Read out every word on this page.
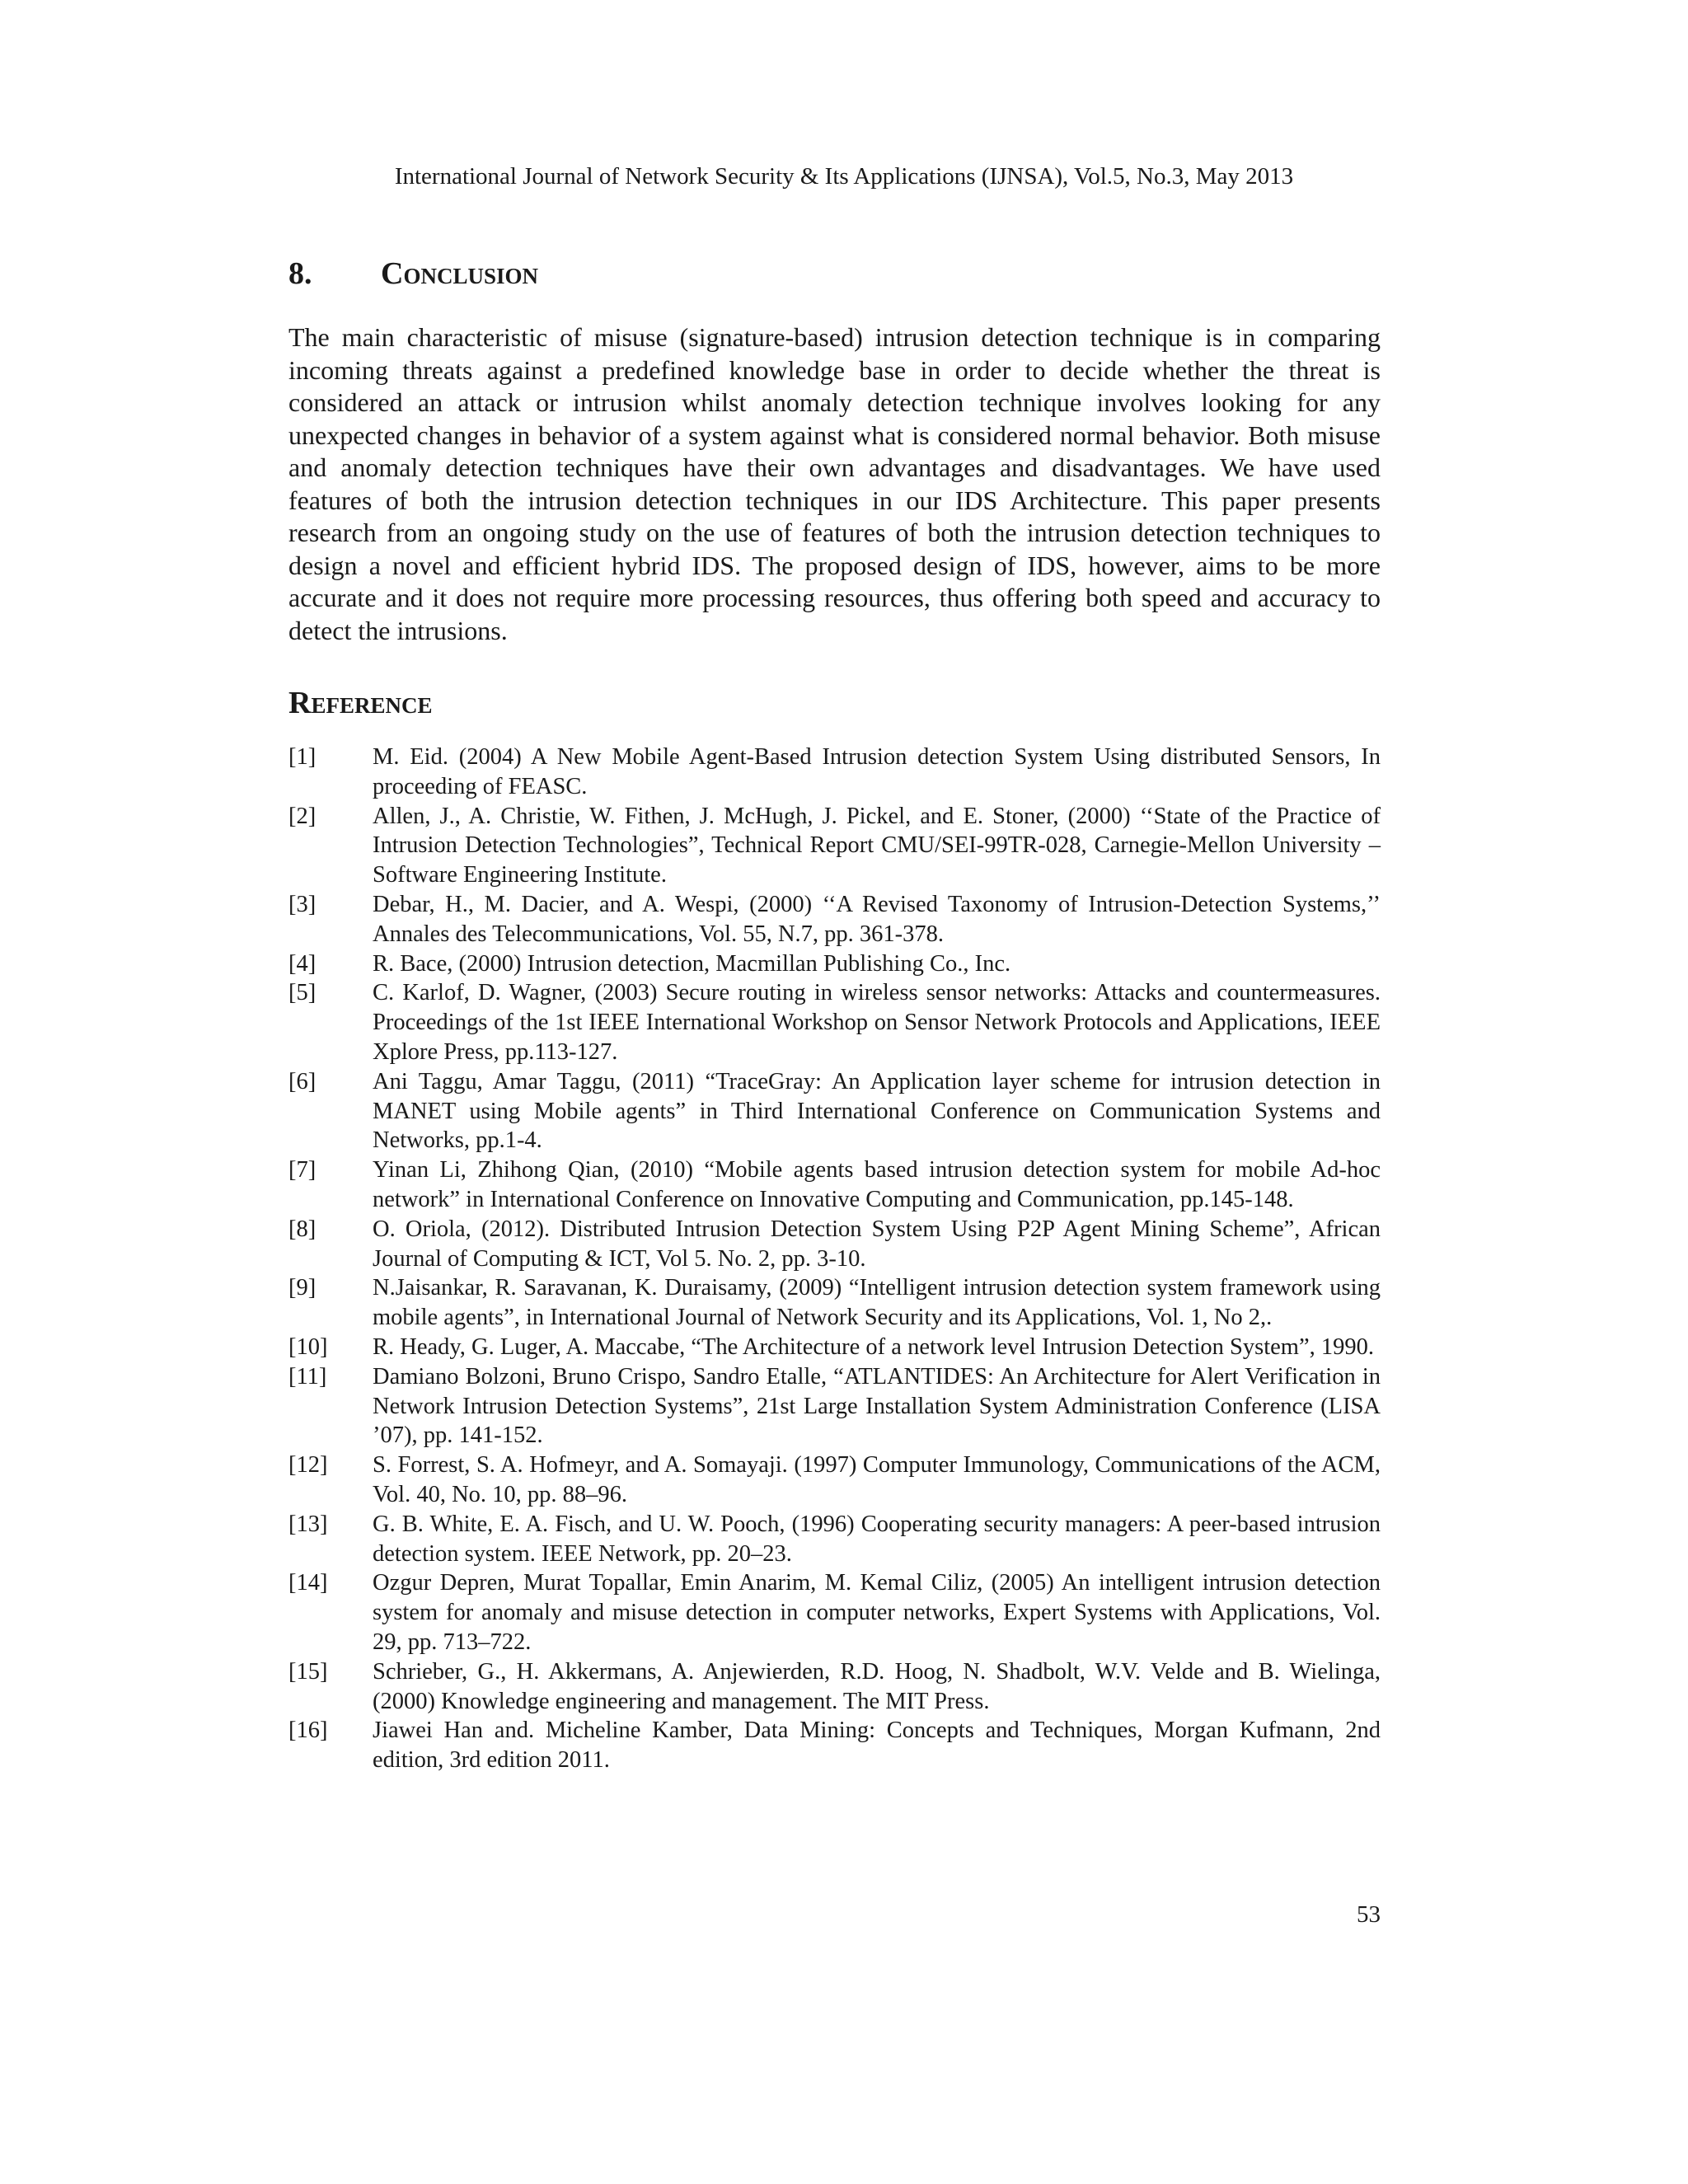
International Journal of Network Security & Its Applications (IJNSA), Vol.5, No.3, May 2013
8. Conclusion

The main characteristic of misuse (signature-based) intrusion detection technique is in comparing incoming threats against a predefined knowledge base in order to decide whether the threat is considered an attack or intrusion whilst anomaly detection technique involves looking for any unexpected changes in behavior of a system against what is considered normal behavior. Both misuse and anomaly detection techniques have their own advantages and disadvantages. We have used features of both the intrusion detection techniques in our IDS Architecture. This paper presents research from an ongoing study on the use of features of both the intrusion detection techniques to design a novel and efficient hybrid IDS. The proposed design of IDS, however, aims to be more accurate and it does not require more processing resources, thus offering both speed and accuracy to detect the intrusions.

Reference
[1] M. Eid. (2004) A New Mobile Agent-Based Intrusion detection System Using distributed Sensors, In proceeding of FEASC.
[2] Allen, J., A. Christie, W. Fithen, J. McHugh, J. Pickel, and E. Stoner, (2000) ‘‘State of the Practice of Intrusion Detection Technologies”, Technical Report CMU/SEI-99TR-028, Carnegie-Mellon University – Software Engineering Institute.
[3] Debar, H., M. Dacier, and A. Wespi, (2000) ‘‘A Revised Taxonomy of Intrusion-Detection Systems,’’ Annales des Telecommunications, Vol. 55, N.7, pp. 361-378.
[4] R. Bace, (2000) Intrusion detection, Macmillan Publishing Co., Inc.
[5] C. Karlof, D. Wagner, (2003) Secure routing in wireless sensor networks: Attacks and countermeasures. Proceedings of the 1st IEEE International Workshop on Sensor Network Protocols and Applications, IEEE Xplore Press, pp.113-127.
[6] Ani Taggu, Amar Taggu, (2011) “TraceGray: An Application layer scheme for intrusion detection in MANET using Mobile agents” in Third International Conference on Communication Systems and Networks, pp.1-4.
[7] Yinan Li, Zhihong Qian, (2010) “Mobile agents based intrusion detection system for mobile Ad-hoc network” in International Conference on Innovative Computing and Communication, pp.145-148.
[8] O. Oriola, (2012). Distributed Intrusion Detection System Using P2P Agent Mining Scheme”, African Journal of Computing & ICT, Vol 5. No. 2, pp. 3-10.
[9] N.Jaisankar, R. Saravanan, K. Duraisamy, (2009) “Intelligent intrusion detection system framework using mobile agents”, in International Journal of Network Security and its Applications, Vol. 1, No 2,.
[10] R. Heady, G. Luger, A. Maccabe, “The Architecture of a network level Intrusion Detection System”, 1990.
[11] Damiano Bolzoni, Bruno Crispo, Sandro Etalle, “ATLANTIDES: An Architecture for Alert Verification in Network Intrusion Detection Systems”, 21st Large Installation System Administration Conference (LISA ’07), pp. 141-152.
[12] S. Forrest, S. A. Hofmeyr, and A. Somayaji. (1997) Computer Immunology, Communications of the ACM, Vol. 40, No. 10, pp. 88–96.
[13] G. B. White, E. A. Fisch, and U. W. Pooch, (1996) Cooperating security managers: A peer-based intrusion detection system. IEEE Network, pp. 20–23.
[14] Ozgur Depren, Murat Topallar, Emin Anarim, M. Kemal Ciliz, (2005) An intelligent intrusion detection system for anomaly and misuse detection in computer networks, Expert Systems with Applications, Vol. 29, pp. 713–722.
[15] Schrieber, G., H. Akkermans, A. Anjewierden, R.D. Hoog, N. Shadbolt, W.V. Velde and B. Wielinga, (2000) Knowledge engineering and management. The MIT Press.
[16] Jiawei Han and. Micheline Kamber, Data Mining: Concepts and Techniques, Morgan Kufmann, 2nd edition, 3rd edition 2011.
53
